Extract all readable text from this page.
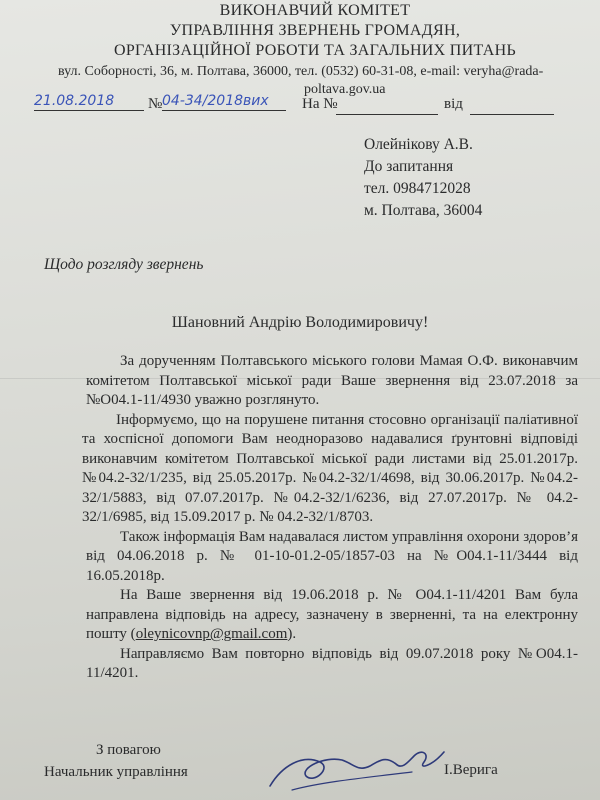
ВИКОНАВЧИЙ КОМІТЕТ
УПРАВЛІННЯ ЗВЕРНЕНЬ ГРОМАДЯН,
ОРГАНІЗАЦІЙНОЇ РОБОТИ ТА ЗАГАЛЬНИХ ПИТАНЬ
вул. Соборності, 36, м. Полтава, 36000, тел. (0532) 60-31-08, e-mail: veryha@rada-
poltava.gov.ua
21.08.2018	№ 04-34/2018вих	На №	від
Олейнікову А.В.
До запитання
тел. 0984712028
м. Полтава, 36004
Щодо розгляду звернень
Шановний Андрію Володимировичу!

За дорученням Полтавського міського голови Мамая О.Ф. виконавчим комітетом Полтавської міської ради Ваше звернення від 23.07.2018 за №О04.1-11/4930 уважно розглянуто.

Інформуємо, що на порушене питання стосовно організації паліативної та хоспісної допомоги Вам неодноразово надавалися ґрунтовні відповіді виконавчим комітетом Полтавської міської ради листами від 25.01.2017р. №04.2-32/1/235, від 25.05.2017р. №04.2-32/1/4698, від 30.06.2017р. №04.2-32/1/5883, від 07.07.2017р. №04.2-32/1/6236, від 27.07.2017р. № 04.2-32/1/6985, від 15.09.2017 р. № 04.2-32/1/8703.

Також інформація Вам надавалася листом управління охорони здоров’я від 04.06.2018 р. № 01-10-01.2-05/1857-03 на №О04.1-11/3444 від 16.05.2018р.

На Ваше звернення від 19.06.2018 р. № О04.1-11/4201 Вам була направлена відповідь на адресу, зазначену в зверненні, та на електронну пошту (oleynicovnp@gmail.com).

Направляємо Вам повторно відповідь від 09.07.2018 року №О04.1-11/4201.

З повагою
Начальник управління	І.Верига
